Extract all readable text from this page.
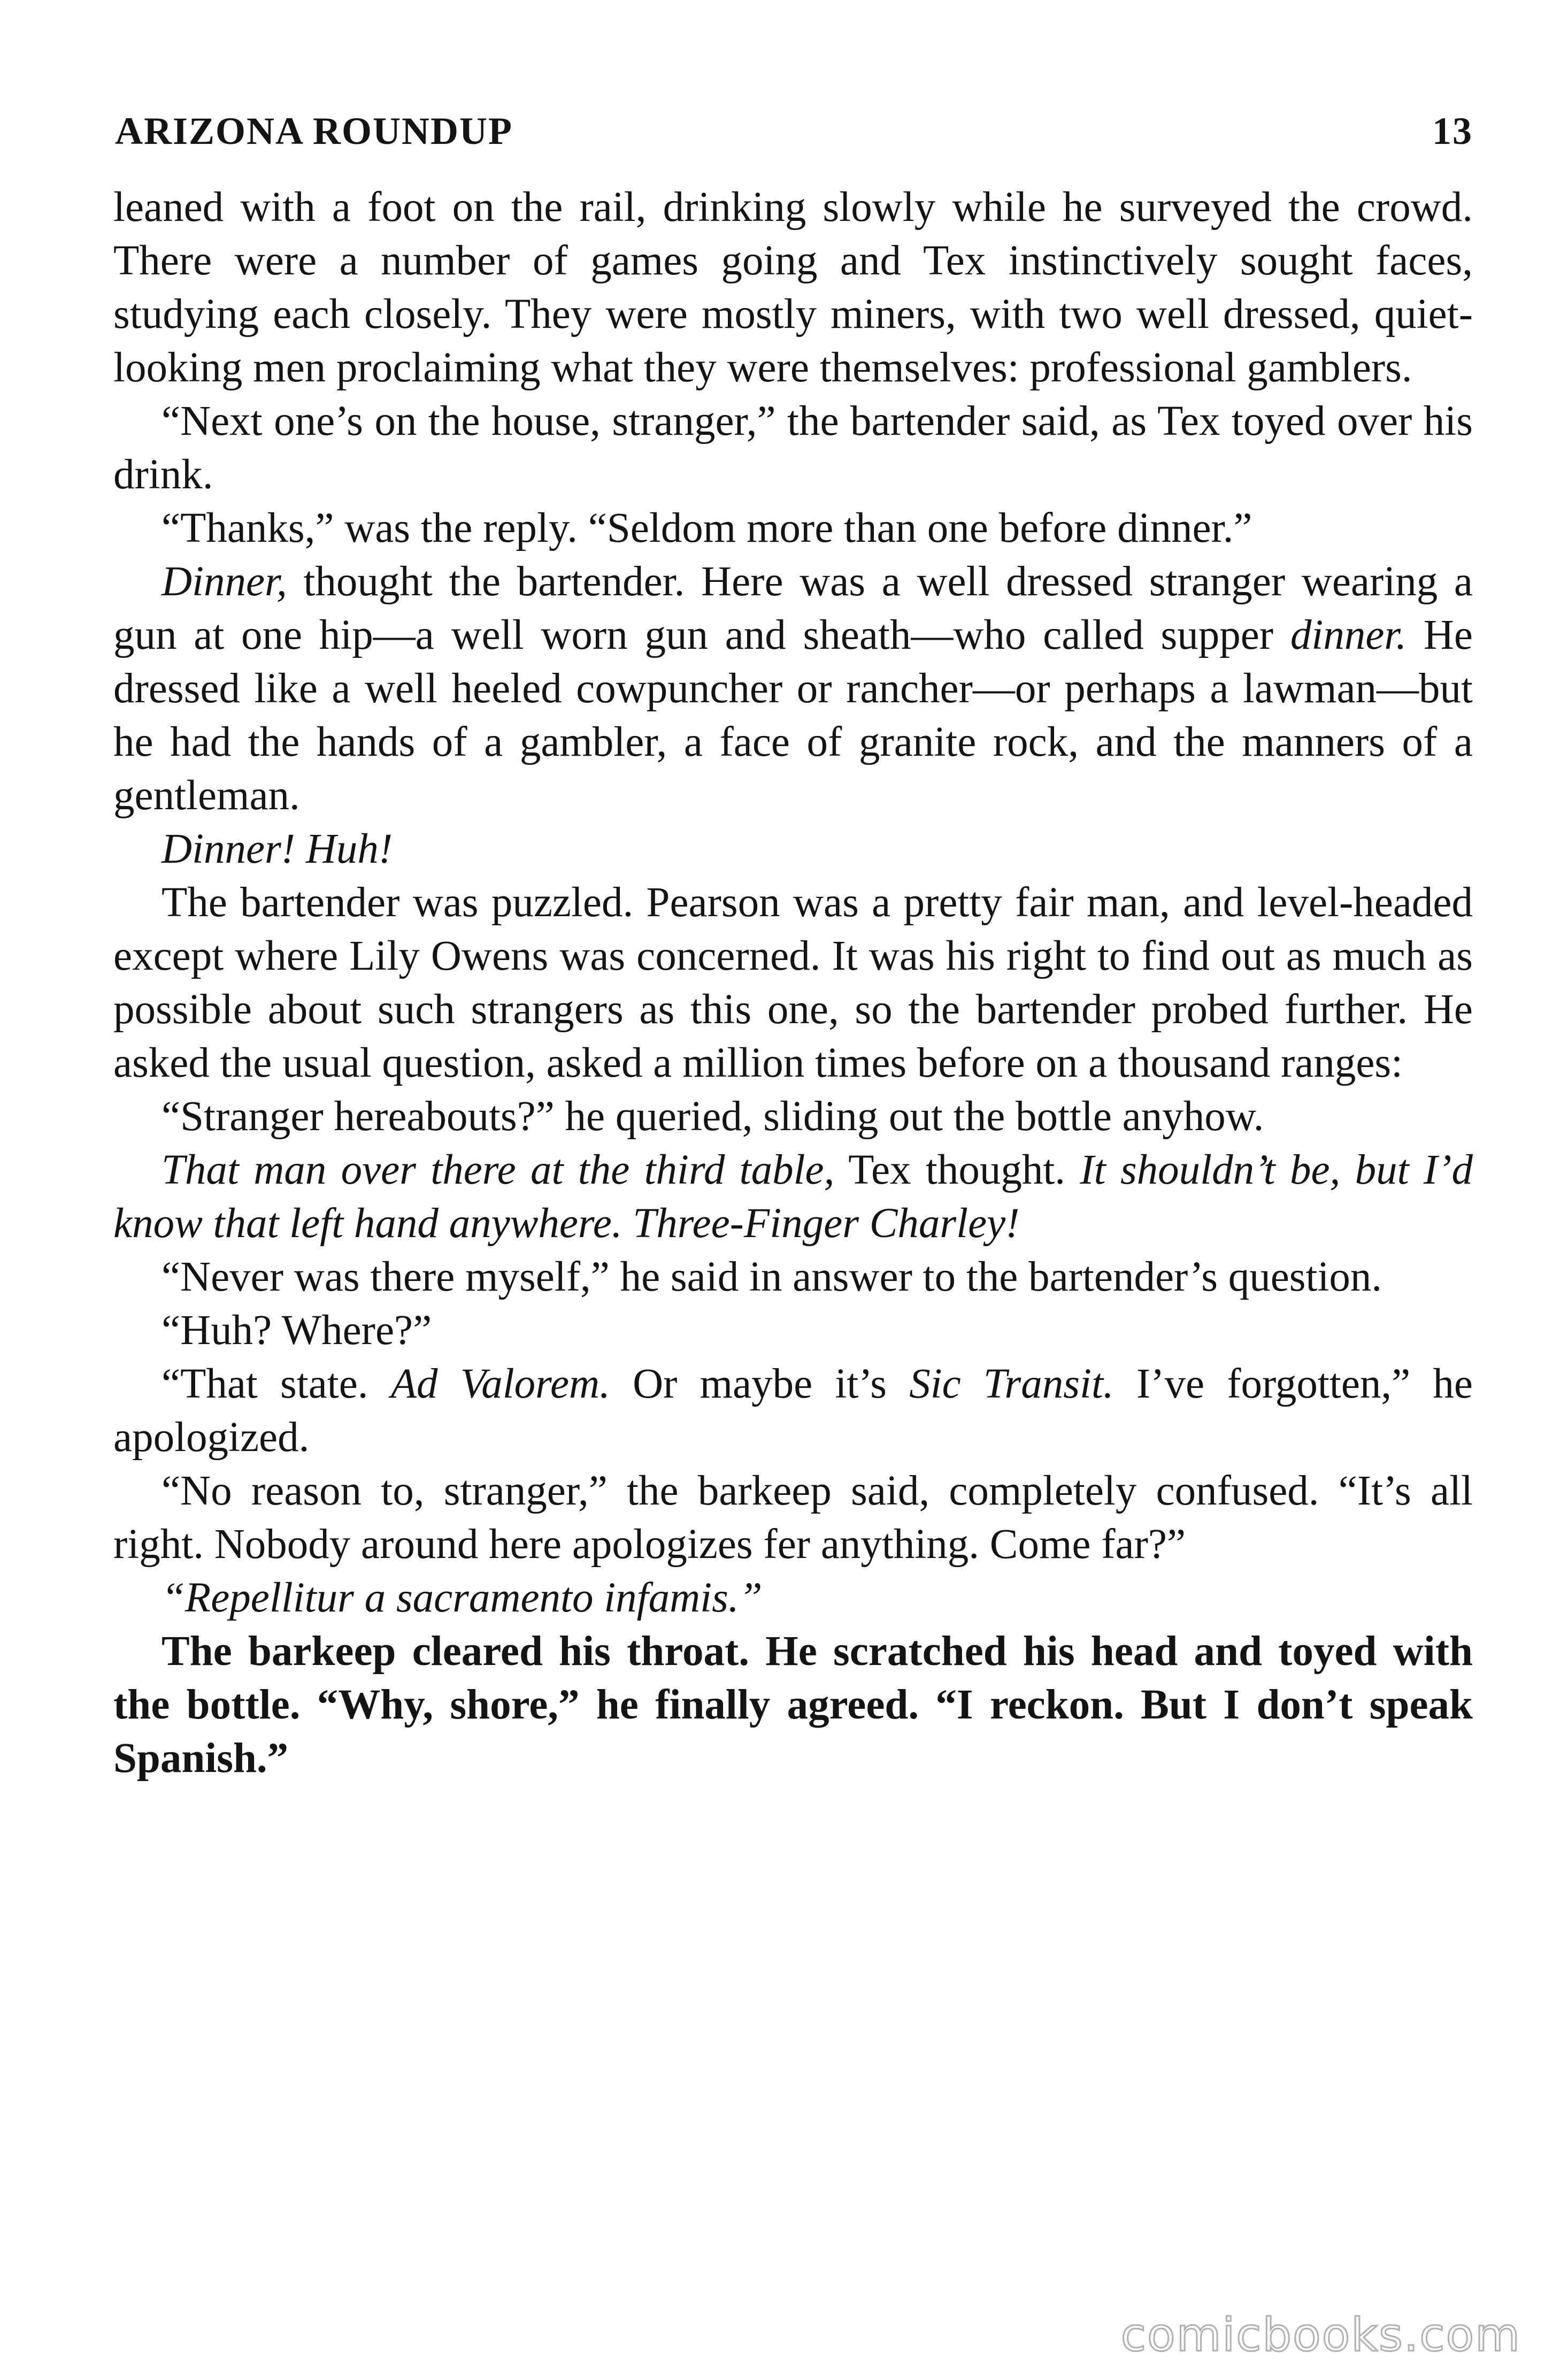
ARIZONA ROUNDUP	13

leaned with a foot on the rail, drinking slowly while he surveyed the crowd. There were a number of games going and Tex instinctively sought faces, studying each closely. They were mostly miners, with two well dressed, quiet-looking men proclaiming what they were themselves: professional gamblers.

“Next one’s on the house, stranger,” the bartender said, as Tex toyed over his drink.

“Thanks,” was the reply. “Seldom more than one before dinner.”

Dinner, thought the bartender. Here was a well dressed stranger wearing a gun at one hip—a well worn gun and sheath—who called supper dinner. He dressed like a well heeled cowpuncher or rancher—or perhaps a lawman—but he had the hands of a gambler, a face of granite rock, and the manners of a gentleman.

Dinner! Huh!

The bartender was puzzled. Pearson was a pretty fair man, and level-headed except where Lily Owens was concerned. It was his right to find out as much as possible about such strangers as this one, so the bartender probed further. He asked the usual question, asked a million times before on a thousand ranges:

“Stranger hereabouts?” he queried, sliding out the bottle anyhow.

That man over there at the third table, Tex thought. It shouldn’t be, but I’d know that left hand anywhere. Three-Finger Charley!

“Never was there myself,” he said in answer to the bartender’s question.

“Huh? Where?”

“That state. Ad Valorem. Or maybe it’s Sic Transit. I’ve forgotten,” he apologized.

“No reason to, stranger,” the barkeep said, completely confused. “It’s all right. Nobody around here apologizes fer anything. Come far?”

“Repellitur a sacramento infamis.”

The barkeep cleared his throat. He scratched his head and toyed with the bottle. “Why, shore,” he finally agreed. “I reckon. But I don’t speak Spanish.”

comicbooks.com
